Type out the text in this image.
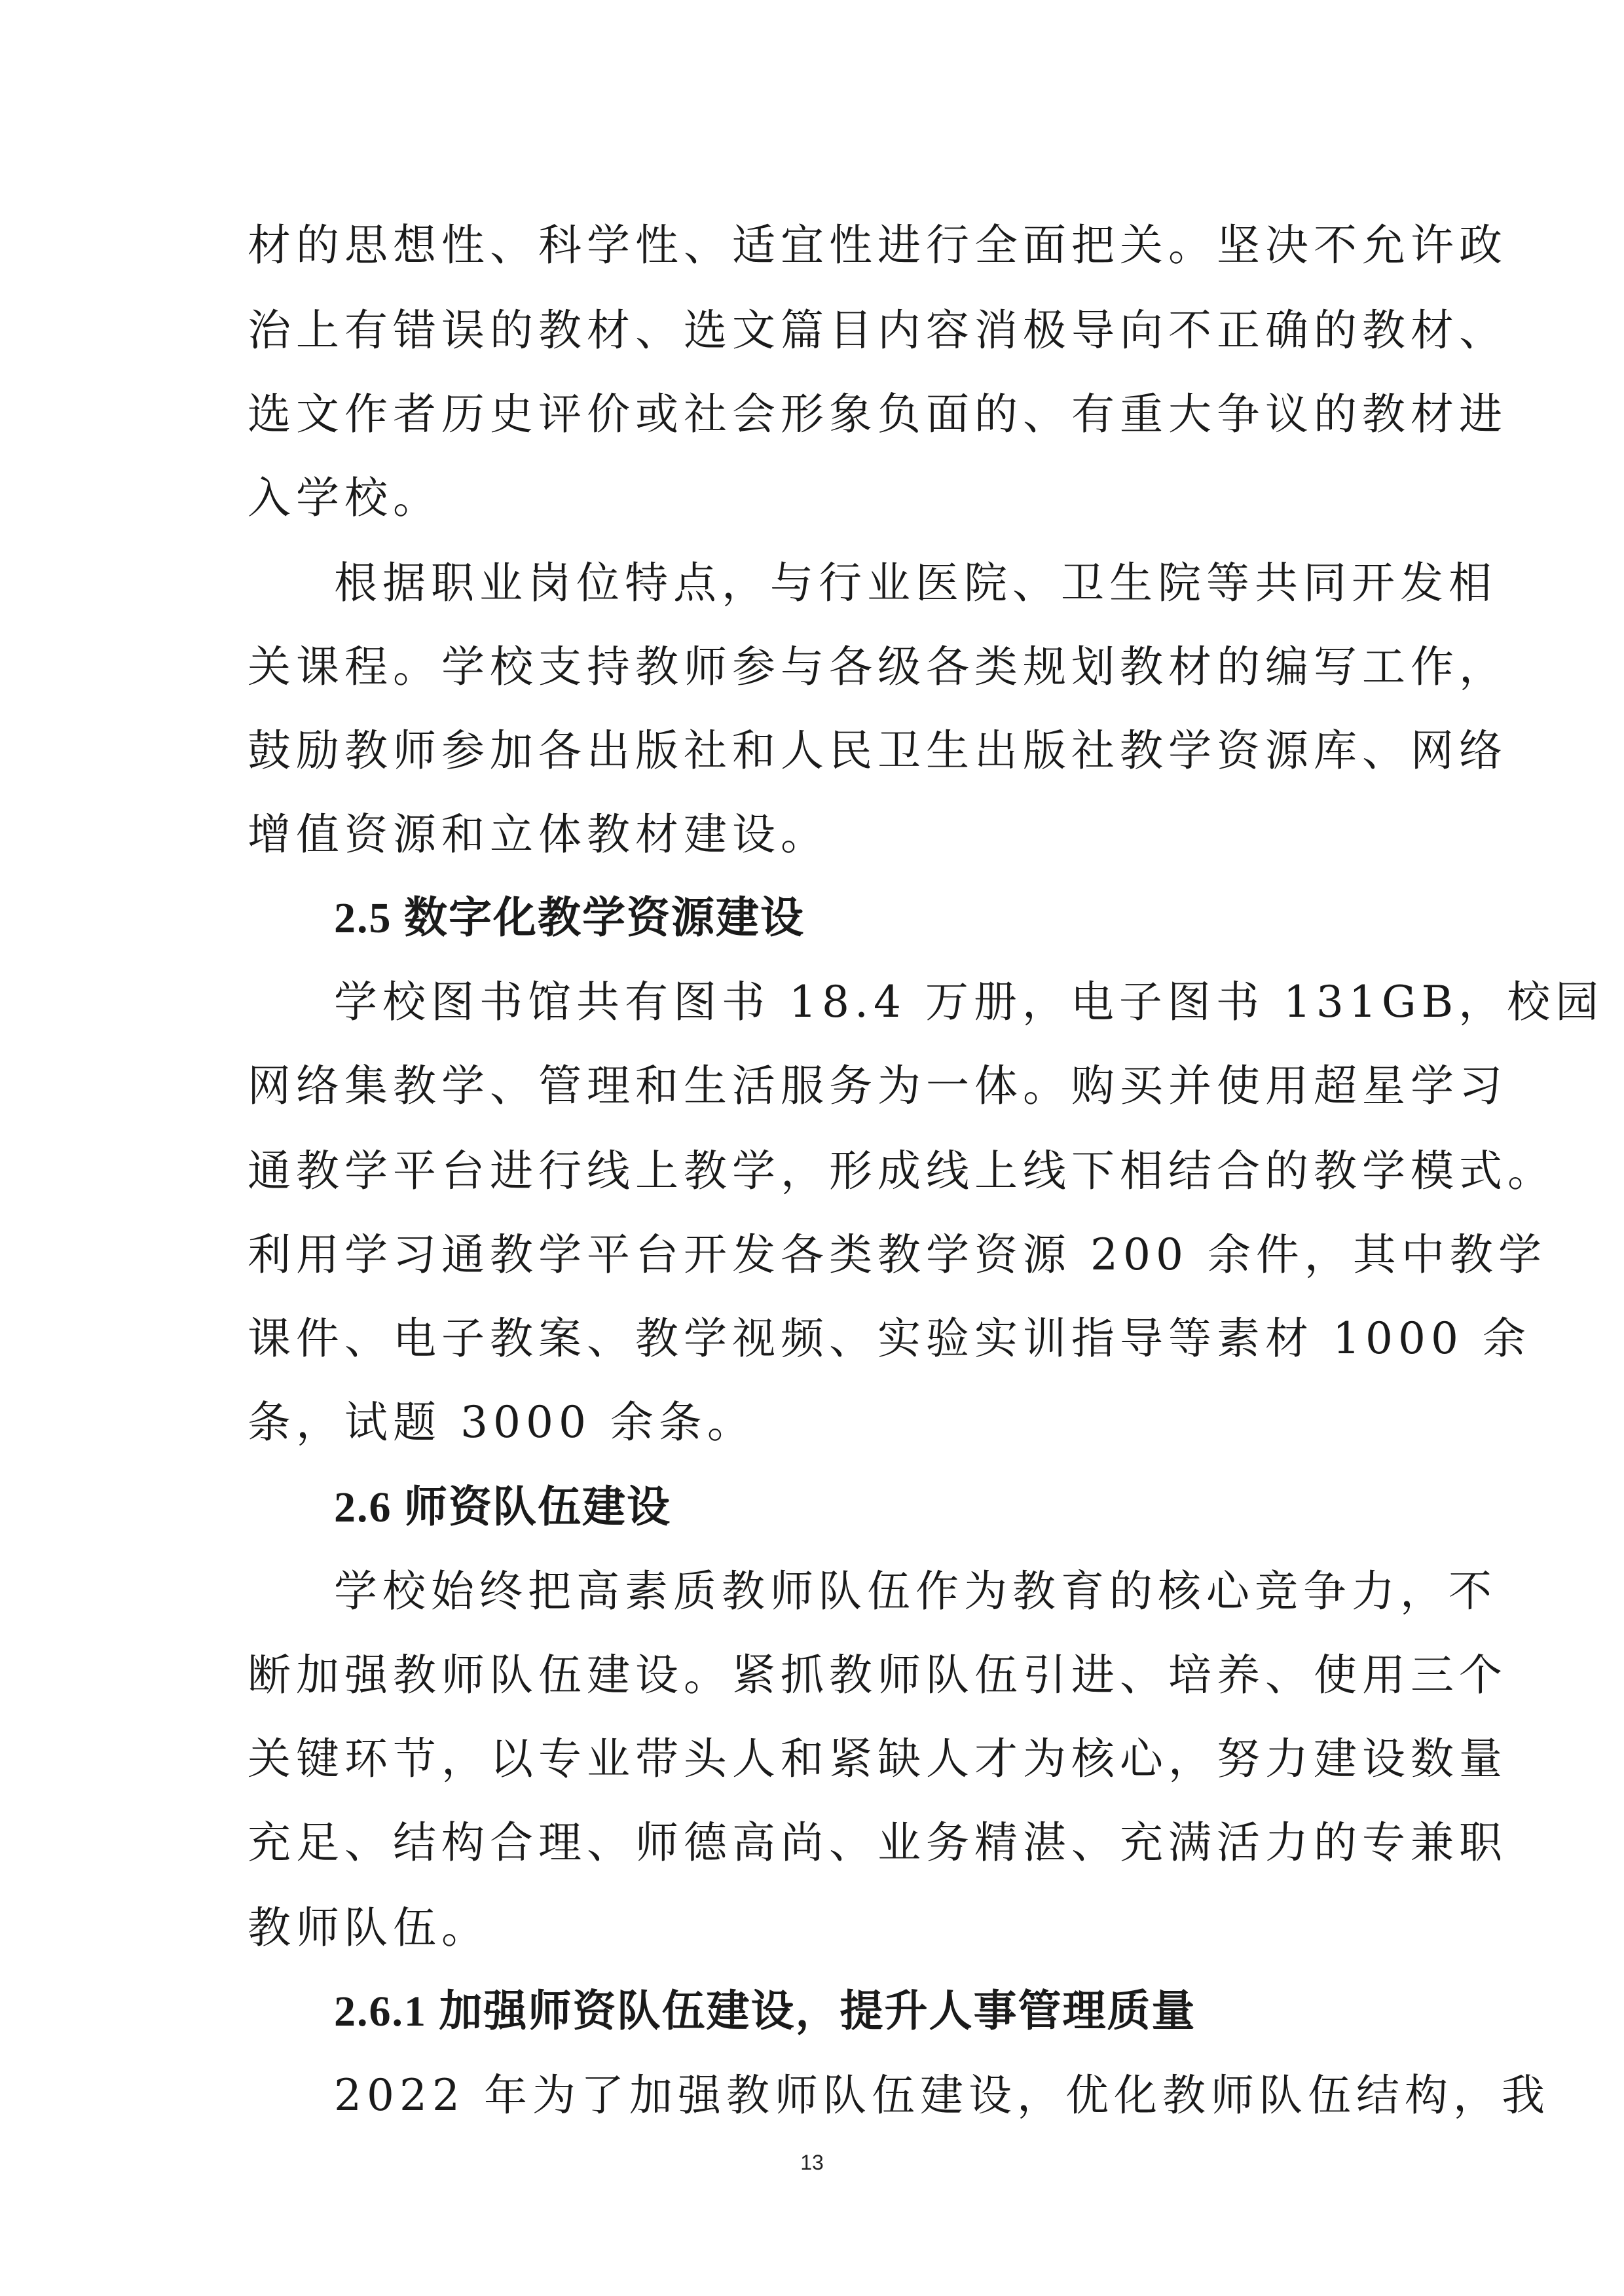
材的思想性、科学性、适宜性进行全面把关。坚决不允许政
治上有错误的教材、选文篇目内容消极导向不正确的教材、
选文作者历史评价或社会形象负面的、有重大争议的教材进
入学校。
根据职业岗位特点，与行业医院、卫生院等共同开发相
关课程。学校支持教师参与各级各类规划教材的编写工作，
鼓励教师参加各出版社和人民卫生出版社教学资源库、网络
增值资源和立体教材建设。
2.5 数字化教学资源建设
学校图书馆共有图书 18.4 万册，电子图书 131GB，校园
网络集教学、管理和生活服务为一体。购买并使用超星学习
通教学平台进行线上教学，形成线上线下相结合的教学模式。
利用学习通教学平台开发各类教学资源 200 余件，其中教学
课件、电子教案、教学视频、实验实训指导等素材 1000 余
条，试题 3000 余条。
2.6 师资队伍建设
学校始终把高素质教师队伍作为教育的核心竞争力，不
断加强教师队伍建设。紧抓教师队伍引进、培养、使用三个
关键环节，以专业带头人和紧缺人才为核心，努力建设数量
充足、结构合理、师德高尚、业务精湛、充满活力的专兼职
教师队伍。
2.6.1 加强师资队伍建设，提升人事管理质量
2022 年为了加强教师队伍建设，优化教师队伍结构，我
13
